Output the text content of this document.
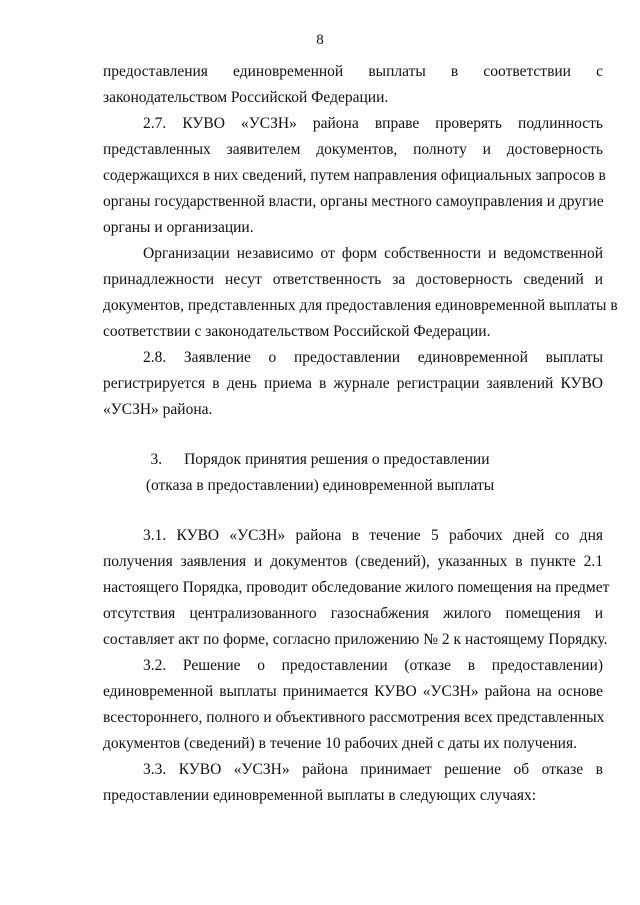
8
предоставления единовременной выплаты в соответствии с
законодательством Российской Федерации.
2.7. КУВО «УСЗН» района вправе проверять подлинность
представленных заявителем документов, полноту и достоверность
содержащихся в них сведений, путем направления официальных запросов в
органы государственной власти, органы местного самоуправления и другие
органы и организации.
Организации независимо от форм собственности и ведомственной
принадлежности несут ответственность за достоверность сведений и
документов, представленных для предоставления единовременной выплаты в
соответствии с законодательством Российской Федерации.
2.8. Заявление о предоставлении единовременной выплаты
регистрируется в день приема в журнале регистрации заявлений КУВО
«УСЗН» района.
3. Порядок принятия решения о предоставлении
(отказа в предоставлении) единовременной выплаты
3.1. КУВО «УСЗН» района в течение 5 рабочих дней со дня
получения заявления и документов (сведений), указанных в пункте 2.1
настоящего Порядка, проводит обследование жилого помещения на предмет
отсутствия централизованного газоснабжения жилого помещения и
составляет акт по форме, согласно приложению № 2 к настоящему Порядку.
3.2. Решение о предоставлении (отказе в предоставлении)
единовременной выплаты принимается КУВО «УСЗН» района на основе
всестороннего, полного и объективного рассмотрения всех представленных
документов (сведений) в течение 10 рабочих дней с даты их получения.
3.3. КУВО «УСЗН» района принимает решение об отказе в
предоставлении единовременной выплаты в следующих случаях:
